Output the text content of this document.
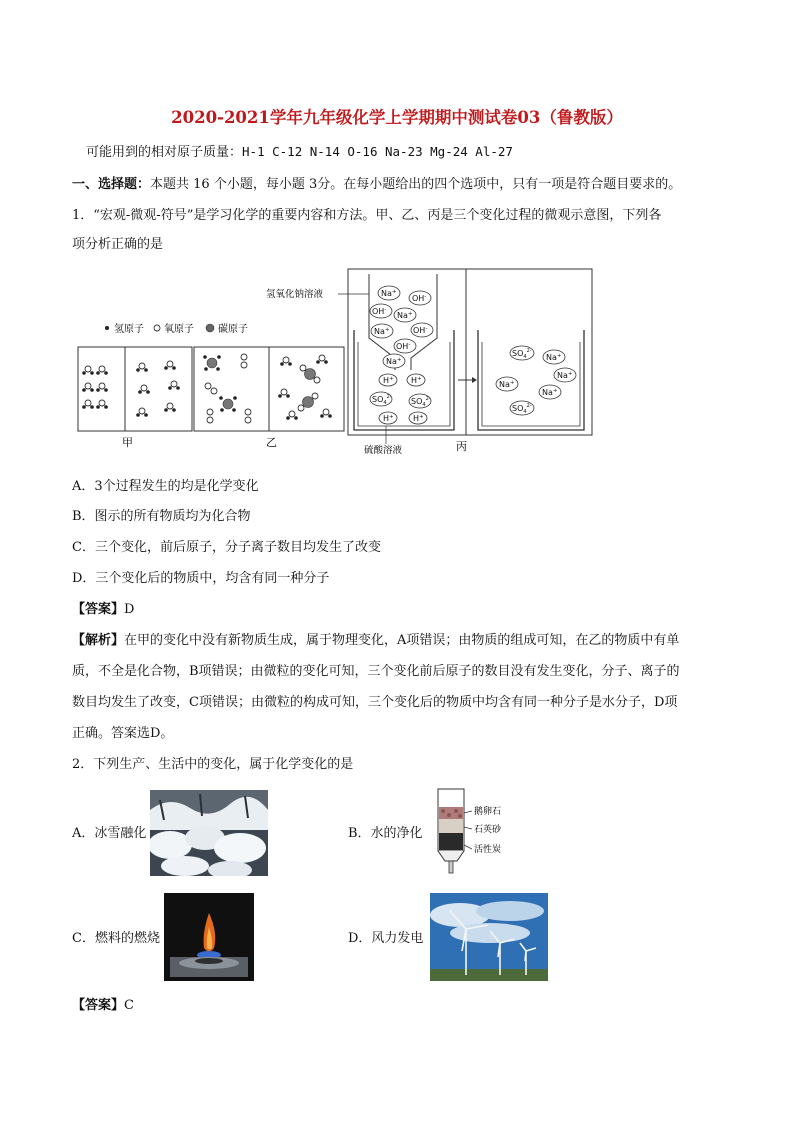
2020-2021学年九年级化学上学期期中测试卷03（鲁教版）
可能用到的相对原子质量：H-1 C-12 N-14 O-16 Na-23 Mg-24 Al-27
一、选择题：本题共 16 个小题，每小题 3分。在每小题给出的四个选项中，只有一项是符合题目要求的。
1．“宏观-微观-符号”是学习化学的重要内容和方法。甲、乙、丙是三个变化过程的微观示意图，下列各
项分析正确的是
氢原子 氧原子 碳原子
甲	乙
氢氧化钠溶液
硫酸溶液	丙
Na+
OH-
OH-
Na+
Na+	OH-
OH-
Na+
H+ H+
$SO_4^{2-}$ $SO_4^{2-}$
H+ H+
$SO_4^{2-}$
Na+
Na+
Na+
Na+
$SO_4^{2-}$
A．3个过程发生的均是化学变化
B．图示的所有物质均为化合物
C．三个变化，前后原子，分子离子数目均发生了改变
D．三个变化后的物质中，均含有同一种分子
【答案】D
【解析】在甲的变化中没有新物质生成，属于物理变化，A项错误；由物质的组成可知，在乙的物质中有单
质，不全是化合物，B项错误；由微粒的变化可知，三个变化前后原子的数目没有发生变化，分子、离子的
数目均发生了改变，C项错误；由微粒的构成可知，三个变化后的物质中均含有同一种分子是水分子，D项
正确。答案选D。
2．下列生产、生活中的变化，属于化学变化的是
A．冰雪融化	B．水的净化
鹅卵石
石英砂
活性炭
C．燃料的燃烧	D．风力发电
【答案】C
